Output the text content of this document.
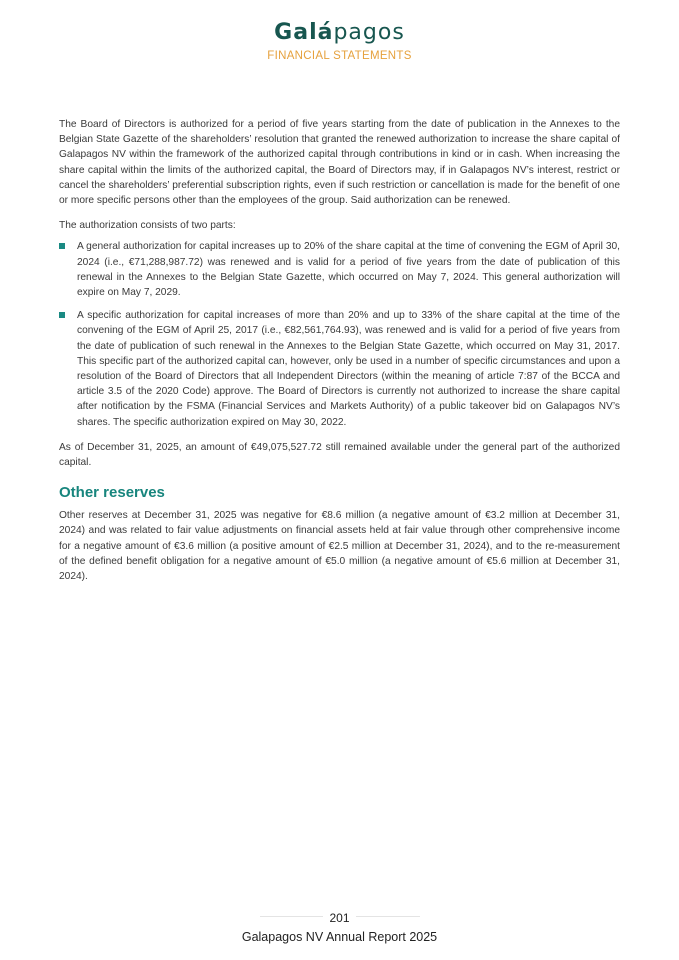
Galápagos
FINANCIAL STATEMENTS

The Board of Directors is authorized for a period of five years starting from the date of publication in the Annexes to the Belgian State Gazette of the shareholders’ resolution that granted the renewed authorization to increase the share capital of Galapagos NV within the framework of the authorized capital through contributions in kind or in cash. When increasing the share capital within the limits of the authorized capital, the Board of Directors may, if in Galapagos NV’s interest, restrict or cancel the shareholders’ preferential subscription rights, even if such restriction or cancellation is made for the benefit of one or more specific persons other than the employees of the group. Said authorization can be renewed.

The authorization consists of two parts:

A general authorization for capital increases up to 20% of the share capital at the time of convening the EGM of April 30, 2024 (i.e., €71,288,987.72) was renewed and is valid for a period of five years from the date of publication of this renewal in the Annexes to the Belgian State Gazette, which occurred on May 7, 2024. This general authorization will expire on May 7, 2029.
A specific authorization for capital increases of more than 20% and up to 33% of the share capital at the time of the convening of the EGM of April 25, 2017 (i.e., €82,561,764.93), was renewed and is valid for a period of five years from the date of publication of such renewal in the Annexes to the Belgian State Gazette, which occurred on May 31, 2017. This specific part of the authorized capital can, however, only be used in a number of specific circumstances and upon a resolution of the Board of Directors that all Independent Directors (within the meaning of article 7:87 of the BCCA and article 3.5 of the 2020 Code) approve. The Board of Directors is currently not authorized to increase the share capital after notification by the FSMA (Financial Services and Markets Authority) of a public takeover bid on Galapagos NV’s shares. The specific authorization expired on May 30, 2022.

As of December 31, 2025, an amount of €49,075,527.72 still remained available under the general part of the authorized capital.

Other reserves

Other reserves at December 31, 2025 was negative for €8.6 million (a negative amount of €3.2 million at December 31, 2024) and was related to fair value adjustments on financial assets held at fair value through other comprehensive income for a negative amount of €3.6 million (a positive amount of €2.5 million at December 31, 2024), and to the re-measurement of the defined benefit obligation for a negative amount of €5.0 million (a negative amount of €5.6 million at December 31, 2024).

201
Galapagos NV Annual Report 2025
